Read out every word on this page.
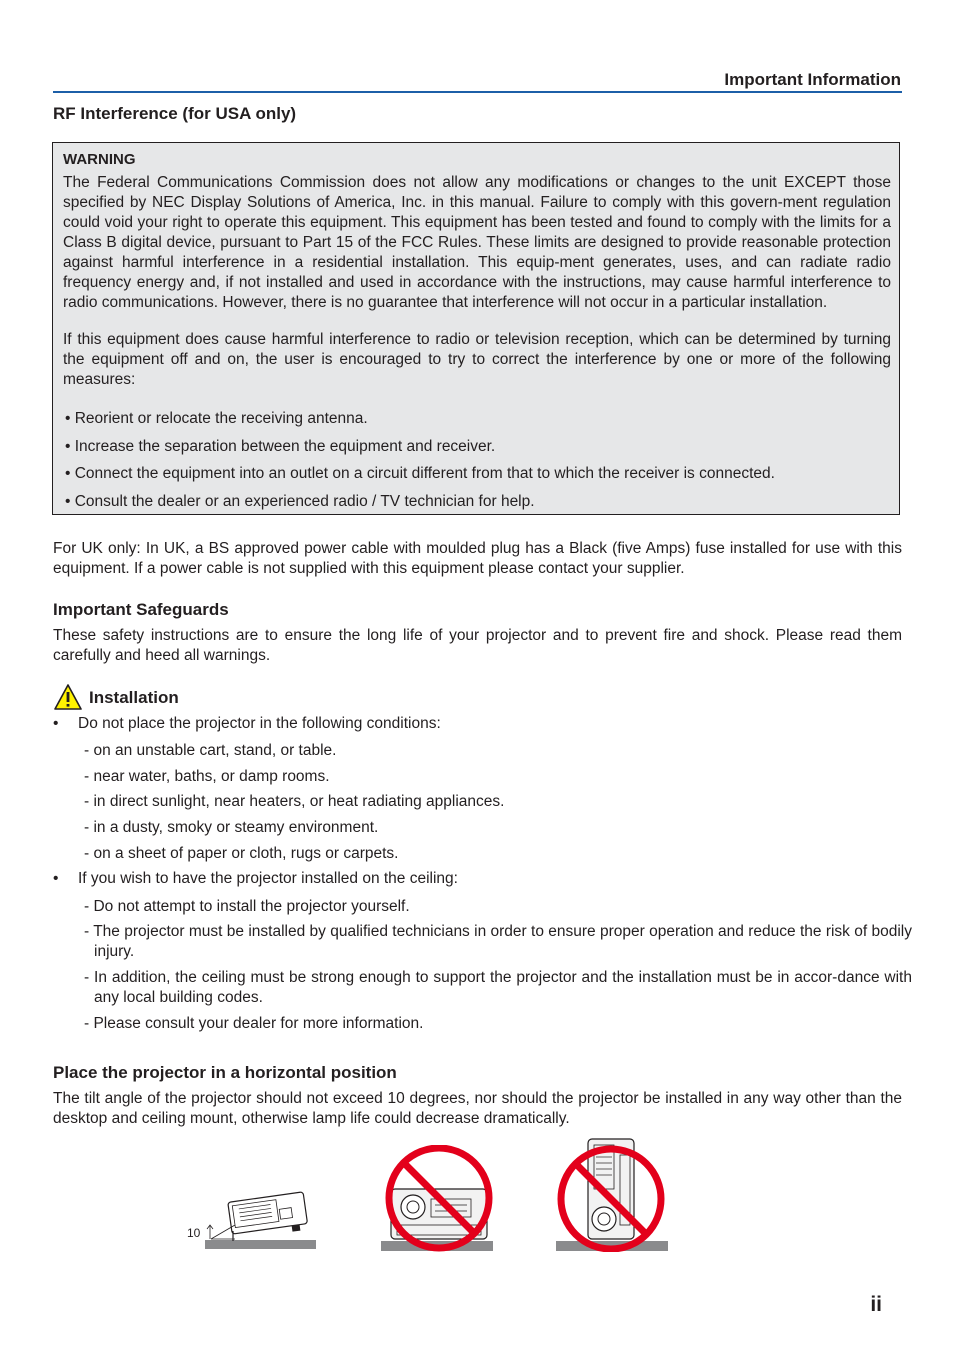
Important Information
RF Interference (for USA only)
WARNING

The Federal Communications Commission does not allow any modifications or changes to the unit EXCEPT those specified by NEC Display Solutions of America, Inc. in this manual. Failure to comply with this govern-ment regulation could void your right to operate this equipment. This equipment has been tested and found to comply with the limits for a Class B digital device, pursuant to Part 15 of the FCC Rules. These limits are designed to provide reasonable protection against harmful interference in a residential installation. This equip-ment generates, uses, and can radiate radio frequency energy and, if not installed and used in accordance with the instructions, may cause harmful interference to radio communications. However, there is no guarantee that interference will not occur in a particular installation.

If this equipment does cause harmful interference to radio or television reception, which can be determined by turning the equipment off and on, the user is encouraged to try to correct the interference by one or more of the following measures:

• Reorient or relocate the receiving antenna.
• Increase the separation between the equipment and receiver.
• Connect the equipment into an outlet on a circuit different from that to which the receiver is connected.
• Consult the dealer or an experienced radio / TV technician for help.

For UK only: In UK, a BS approved power cable with moulded plug has a Black (five Amps) fuse installed for use with this equipment. If a power cable is not supplied with this equipment please contact your supplier.

Important Safeguards

These safety instructions are to ensure the long life of your projector and to prevent fire and shock. Please read them carefully and heed all warnings.

Installation
• Do not place the projector in the following conditions:

- on an unstable cart, stand, or table.

- near water, baths, or damp rooms.

- in direct sunlight, near heaters, or heat radiating appliances.

- in a dusty, smoky or steamy environment.

- on a sheet of paper or cloth, rugs or carpets.

• If you wish to have the projector installed on the ceiling:

- Do not attempt to install the projector yourself.

- The projector must be installed by qualified technicians in order to ensure proper operation and reduce the risk of bodily injury.

- In addition, the ceiling must be strong enough to support the projector and the installation must be in accor-dance with any local building codes.

- Please consult your dealer for more information.

Place the projector in a horizontal position

The tilt angle of the projector should not exceed 10 degrees, nor should the projector be installed in any way other than the desktop and ceiling mount, otherwise lamp life could decrease dramatically.

10
ii
